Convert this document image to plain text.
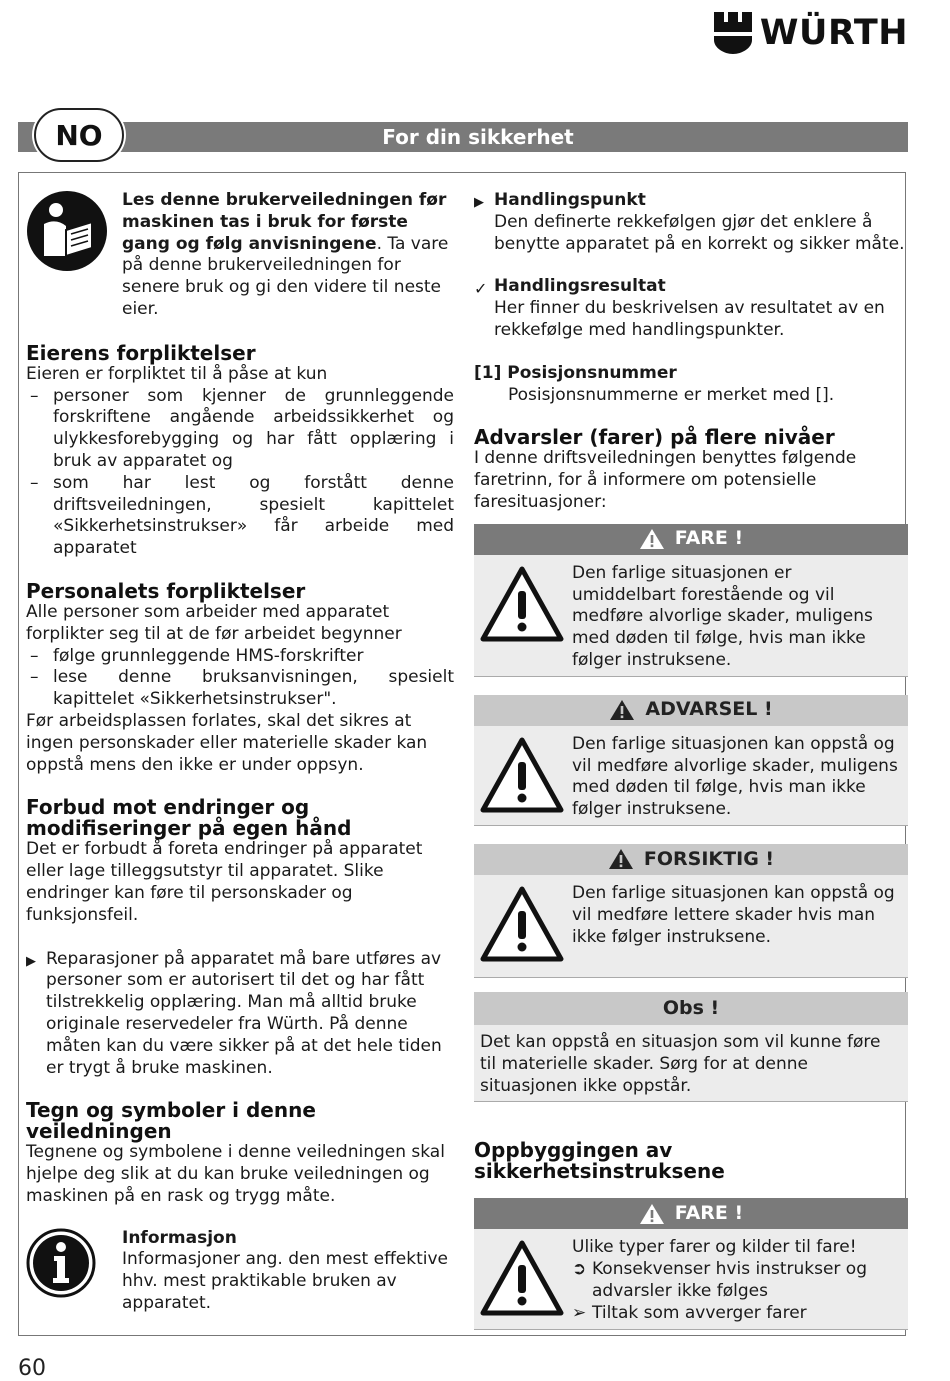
WÜRTH
For din sikkerhet
NO

Les denne brukerveiledningen før maskinen tas i bruk for første gang og følg anvisningene. Ta vare på denne brukerveiledningen for senere bruk og gi den videre til neste eier.

Eierens forpliktelser

Eieren er forpliktet til å påse at kun

– personer som kjenner de grunnleggende forskriftene angående arbeidssikkerhet og ulykkesforebygging og har fått opplæring i bruk av apparatet og
– som har lest og forstått denne driftsveiledningen, spesielt kapittelet «Sikkerhetsinstrukser» får arbeide med apparatet
Personalets forpliktelser

Alle personer som arbeider med apparatet forplikter seg til at de før arbeidet begynner

– følge grunnleggende HMS-forskrifter
– lese denne bruksanvisningen, spesielt kapittelet «Sikkerhetsinstrukser".

Før arbeidsplassen forlates, skal det sikres at ingen personskader eller materielle skader kan oppstå mens den ikke er under oppsyn.

Forbud mot endringer og modifiseringer på egen hånd

Det er forbudt å foreta endringer på apparatet eller lage tilleggsutstyr til apparatet. Slike endringer kan føre til personskader og funksjonsfeil.

▶ Reparasjoner på apparatet må bare utføres av personer som er autorisert til det og har fått tilstrekkelig opplæring. Man må alltid bruke originale reservedeler fra Würth. På denne måten kan du være sikker på at det hele tiden er trygt å bruke maskinen.
Tegn og symboler i denne veiledningen

Tegnene og symbolene i denne veiledningen skal hjelpe deg slik at du kan bruke veiledningen og maskinen på en rask og trygg måte.

Informasjon

Informasjoner ang. den mest effektive hhv. mest praktikable bruken av apparatet.

▶ Handlingspunkt

Den definerte rekkefølgen gjør det enklere å benytte apparatet på en korrekt og sikker måte.

✓ Handlingsresultat

Her finner du beskrivelsen av resultatet av en rekkefølge med handlingspunkter.

[1] Posisjonsnummer

Posisjonsnummerne er merket med [].

Advarsler (farer) på flere nivåer

I denne driftsveiledningen benyttes følgende faretrinn, for å informere om potensielle faresituasjoner:

FARE !

Den farlige situasjonen er umiddelbart forestående og vil medføre alvorlige skader, muligens med døden til følge, hvis man ikke følger instruksene.

ADVARSEL !

Den farlige situasjonen kan oppstå og vil medføre alvorlige skader, muligens med døden til følge, hvis man ikke følger instruksene.

FORSIKTIG !

Den farlige situasjonen kan oppstå og vil medføre lettere skader hvis man ikke følger instruksene.

Obs !

Det kan oppstå en situasjon som vil kunne føre til materielle skader. Sørg for at denne situasjonen ikke oppstår.

Oppbyggingen av sikkerhetsinstruksene
FARE !

Ulike typer farer og kilder til fare!

➲ Konsekvenser hvis instrukser og advarsler ikke følges
➢ Tiltak som avverger farer
60
